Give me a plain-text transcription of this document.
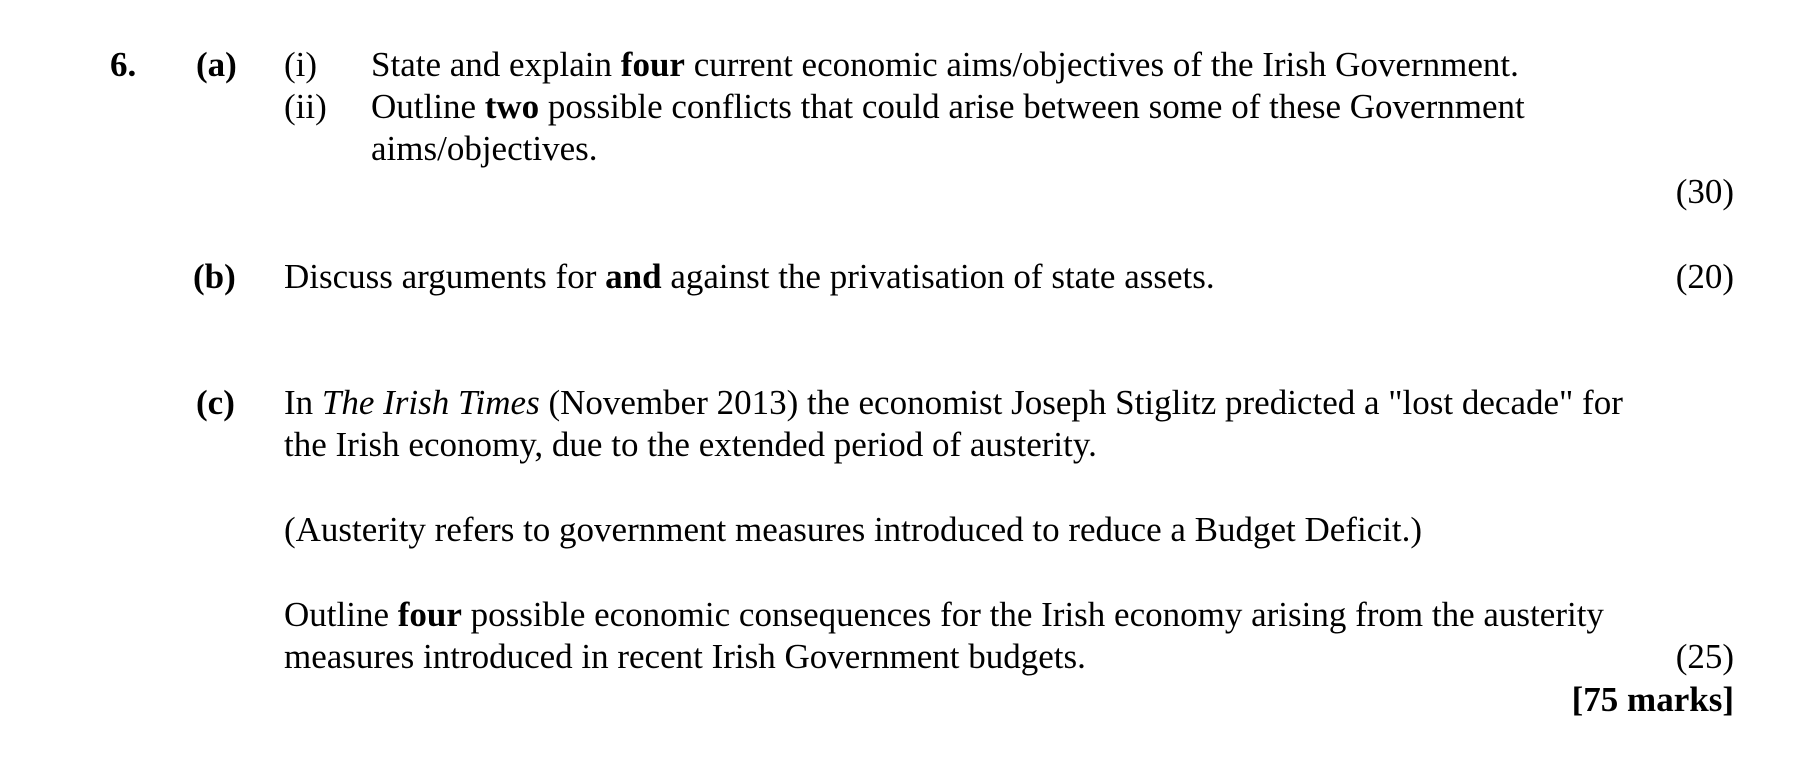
6. (a) (i) State and explain four current economic aims/objectives of the Irish Government.
(ii) Outline two possible conflicts that could arise between some of these Government
aims/objectives.
(30)
(b) Discuss arguments for and against the privatisation of state assets.	(20)
(c) In The Irish Times (November 2013) the economist Joseph Stiglitz predicted a "lost decade" for
the Irish economy, due to the extended period of austerity.
(Austerity refers to government measures introduced to reduce a Budget Deficit.)
Outline four possible economic consequences for the Irish economy arising from the austerity
measures introduced in recent Irish Government budgets.	(25)
[75 marks]
